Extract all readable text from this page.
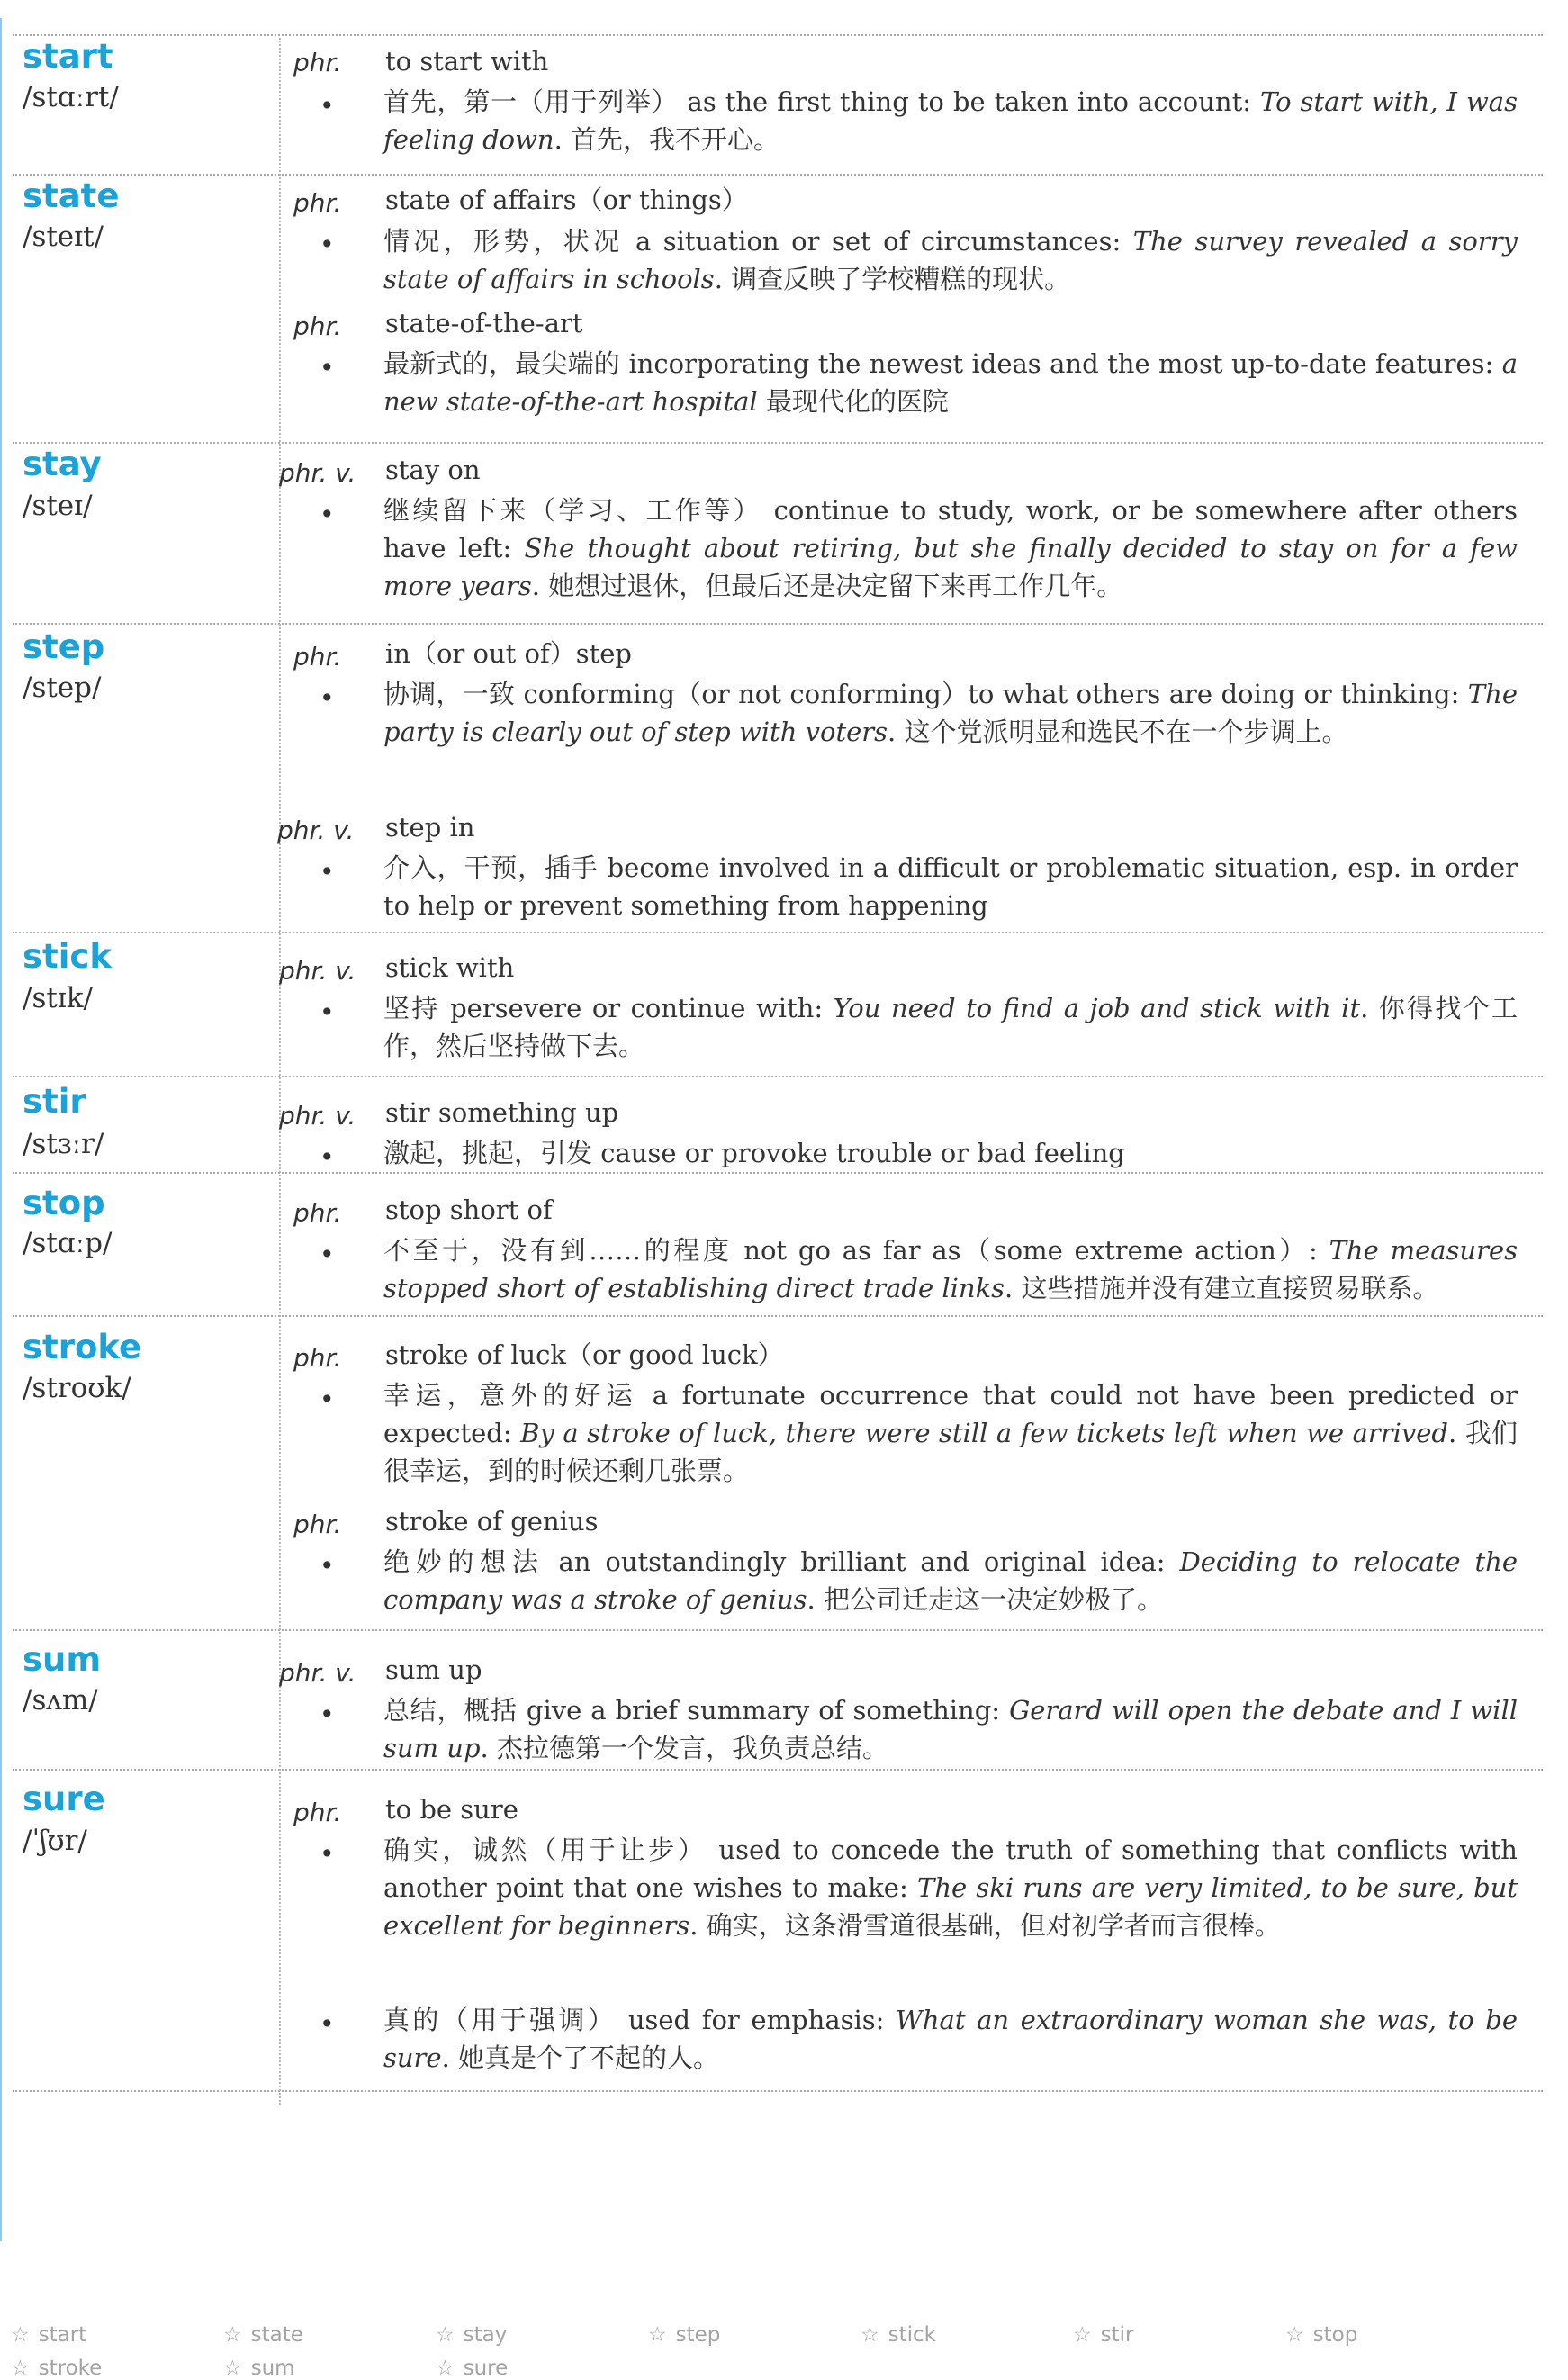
start
/stɑːrt/
phr. to start with
• 首先，第一（用于列举） as the first thing to be taken into account: To start with, I was feeling down. 首先，我不开心。

state
/steɪt/
phr. state of affairs（or things）
• 情况，形势，状况 a situation or set of circumstances: The survey revealed a sorry state of affairs in schools. 调查反映了学校糟糕的现状。

phr. state-of-the-art
• 最新式的，最尖端的 incorporating the newest ideas and the most up-to-date features: a new state-of-the-art hospital 最现代化的医院

stay
/steɪ/
phr. v. stay on
• 继续留下来（学习、工作等） continue to study, work, or be somewhere after others have left: She thought about retiring, but she finally decided to stay on for a few more years. 她想过退休，但最后还是决定留下来再工作几年。

step
/step/
phr. in（or out of）step
• 协调，一致 conforming（or not conforming）to what others are doing or thinking: The party is clearly out of step with voters. 这个党派明显和选民不在一个步调上。

phr. v. step in
• 介入，干预，插手 become involved in a difficult or problematic situation, esp. in order to help or prevent something from happening

stick
/stɪk/
phr. v. stick with
• 坚持 persevere or continue with: You need to find a job and stick with it. 你得找个工作，然后坚持做下去。

stir
/stɜːr/
phr. v. stir something up
• 激起，挑起，引发 cause or provoke trouble or bad feeling

stop
/stɑːp/
phr. stop short of
• 不至于，没有到……的程度 not go as far as（some extreme action）: The measures stopped short of establishing direct trade links. 这些措施并没有建立直接贸易联系。

stroke
/stroʊk/
phr. stroke of luck（or good luck）
• 幸运，意外的好运 a fortunate occurrence that could not have been predicted or expected: By a stroke of luck, there were still a few tickets left when we arrived. 我们很幸运，到的时候还剩几张票。

phr. stroke of genius
• 绝妙的想法 an outstandingly brilliant and original idea: Deciding to relocate the company was a stroke of genius. 把公司迁走这一决定妙极了。

sum
/sʌm/
phr. v. sum up
• 总结，概括 give a brief summary of something: Gerard will open the debate and I will sum up. 杰拉德第一个发言，我负责总结。

sure
/ˈʃʊr/
phr. to be sure
• 确实，诚然（用于让步） used to concede the truth of something that conflicts with another point that one wishes to make: The ski runs are very limited, to be sure, but excellent for beginners. 确实，这条滑雪道很基础，但对初学者而言很棒。

• 真的（用于强调） used for emphasis: What an extraordinary woman she was, to be sure. 她真是个了不起的人。

☆ start	☆ state	☆ stay	☆ step	☆ stick	☆ stir	☆ stop
☆ stroke	☆ sum	☆ sure
